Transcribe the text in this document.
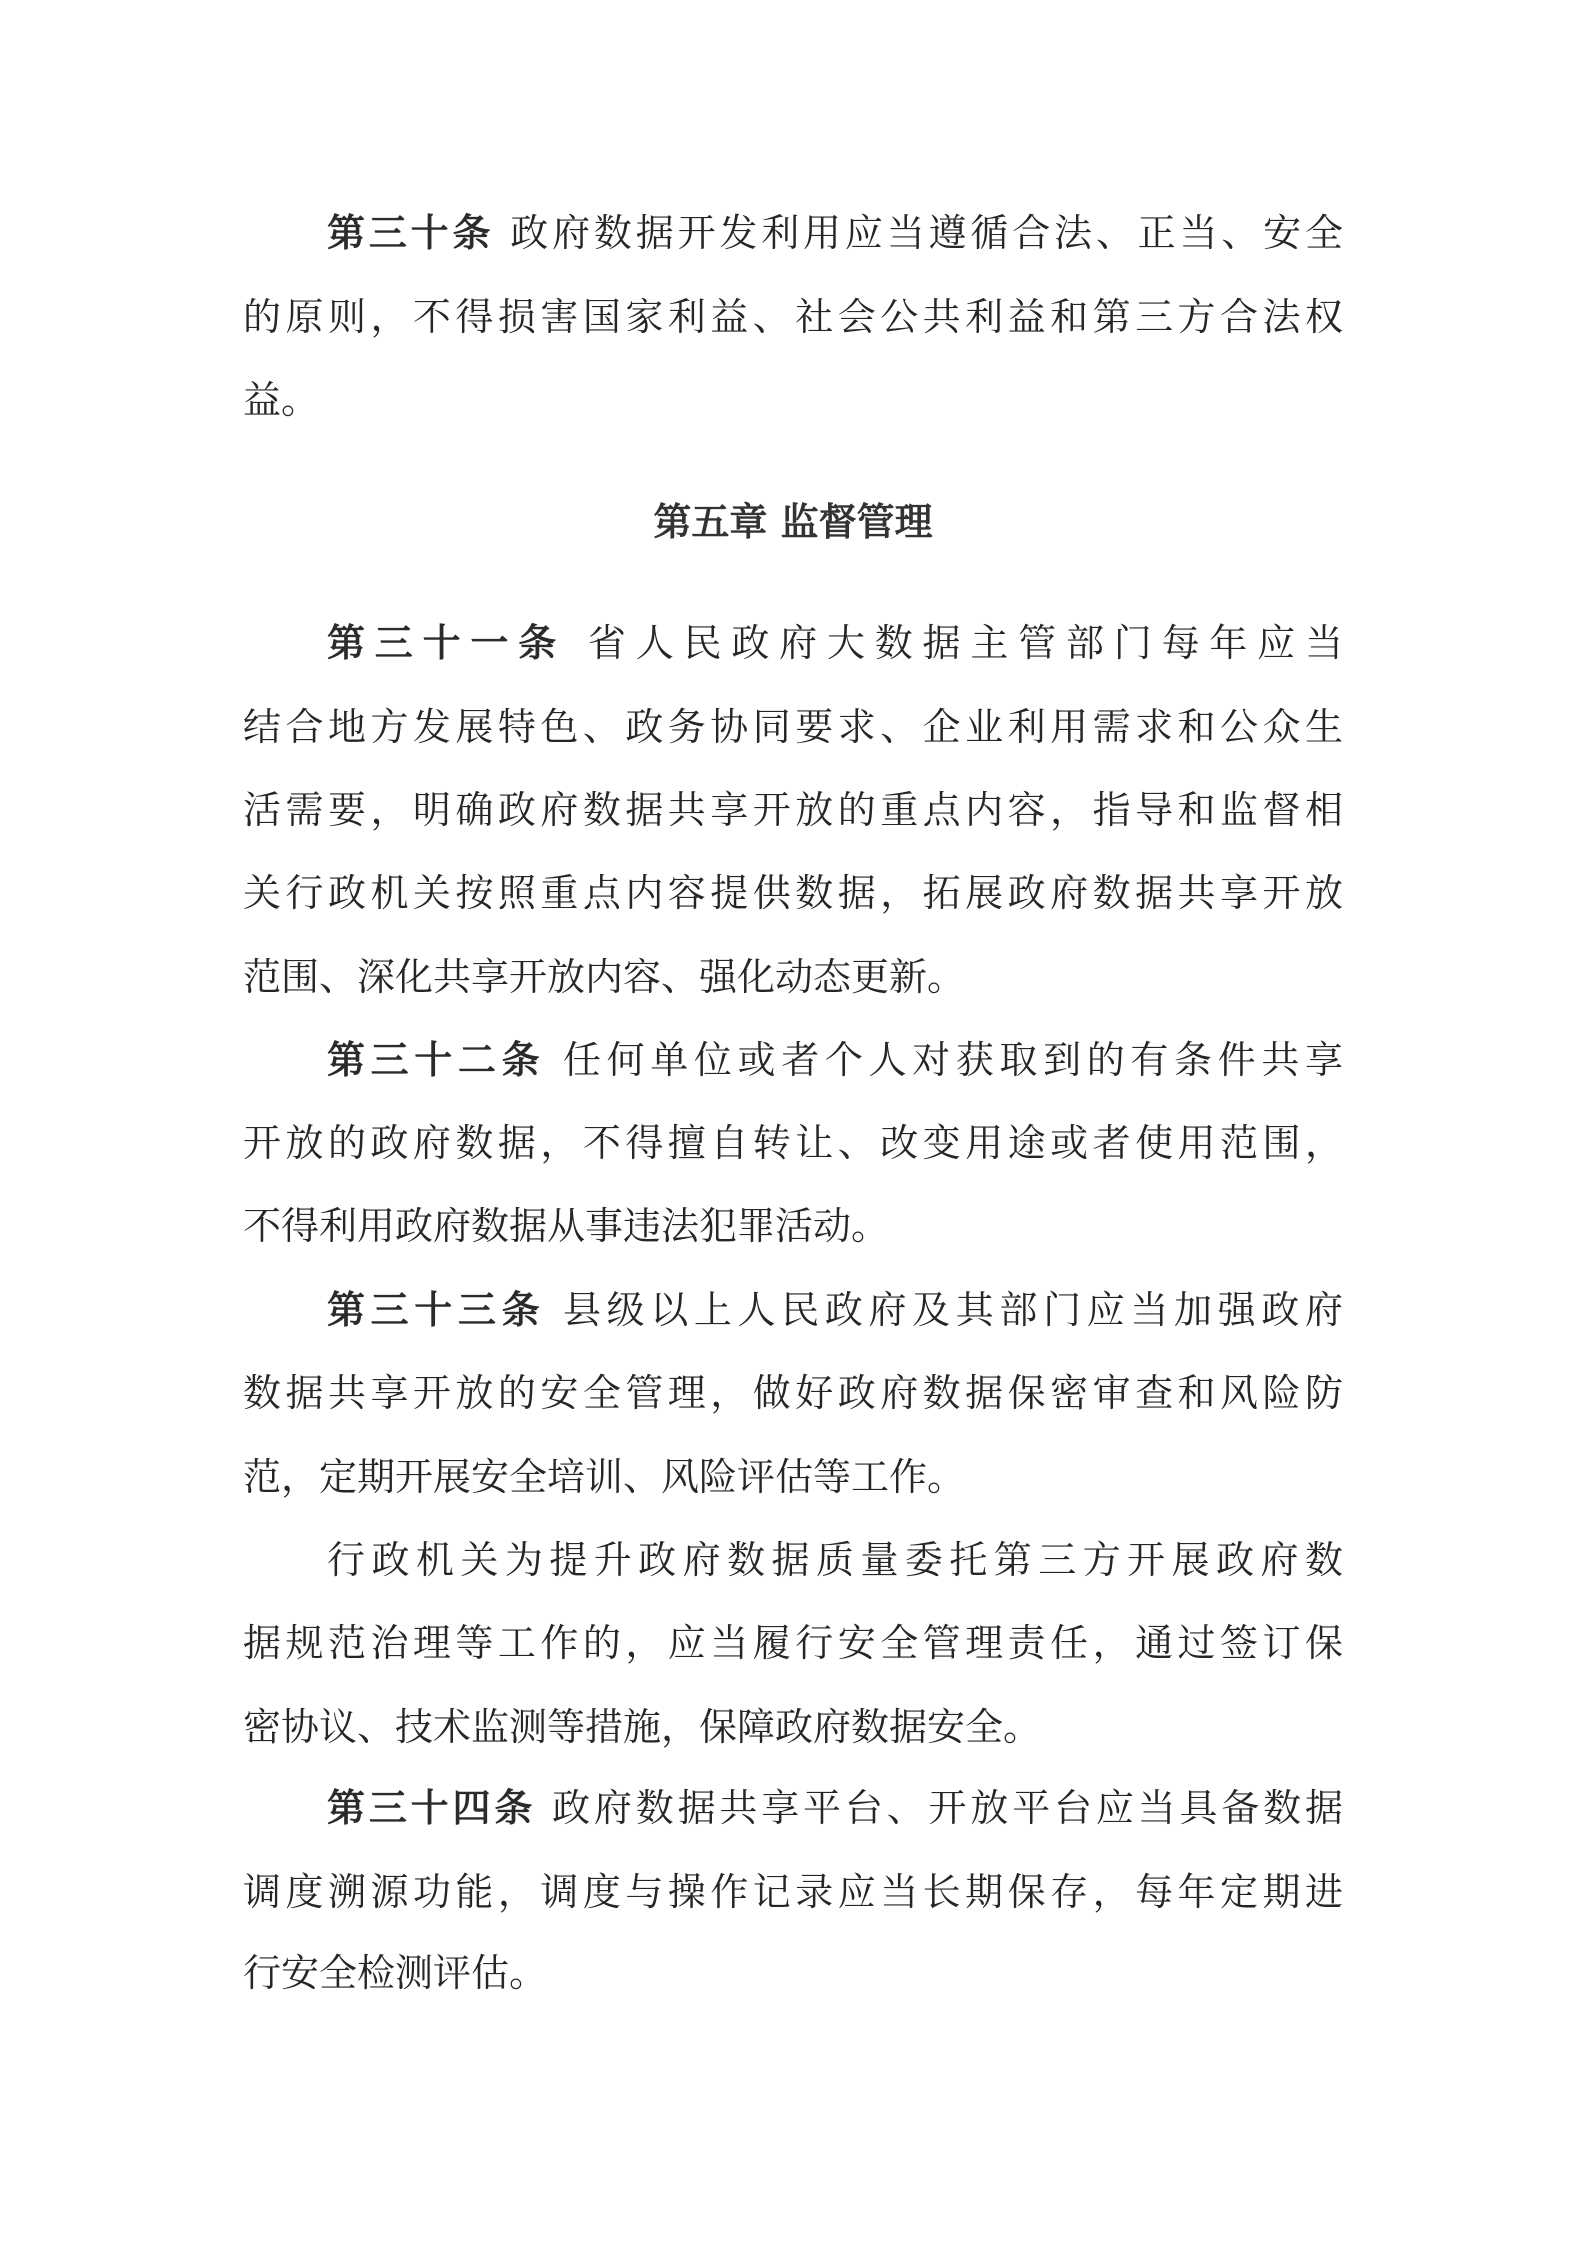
第三十条 政府数据开发利用应当遵循合法、正当、安全
的原则，不得损害国家利益、社会公共利益和第三方合法权
益。
第五章 监督管理
第三十一条 省人民政府大数据主管部门每年应当
结合地方发展特色、政务协同要求、企业利用需求和公众生
活需要，明确政府数据共享开放的重点内容，指导和监督相
关行政机关按照重点内容提供数据，拓展政府数据共享开放
范围、深化共享开放内容、强化动态更新。
第三十二条 任何单位或者个人对获取到的有条件共享
开放的政府数据，不得擅自转让、改变用途或者使用范围，
不得利用政府数据从事违法犯罪活动。
第三十三条 县级以上人民政府及其部门应当加强政府
数据共享开放的安全管理，做好政府数据保密审查和风险防
范，定期开展安全培训、风险评估等工作。
行政机关为提升政府数据质量委托第三方开展政府数
据规范治理等工作的，应当履行安全管理责任，通过签订保
密协议、技术监测等措施，保障政府数据安全。
第三十四条 政府数据共享平台、开放平台应当具备数据
调度溯源功能，调度与操作记录应当长期保存，每年定期进
行安全检测评估。
